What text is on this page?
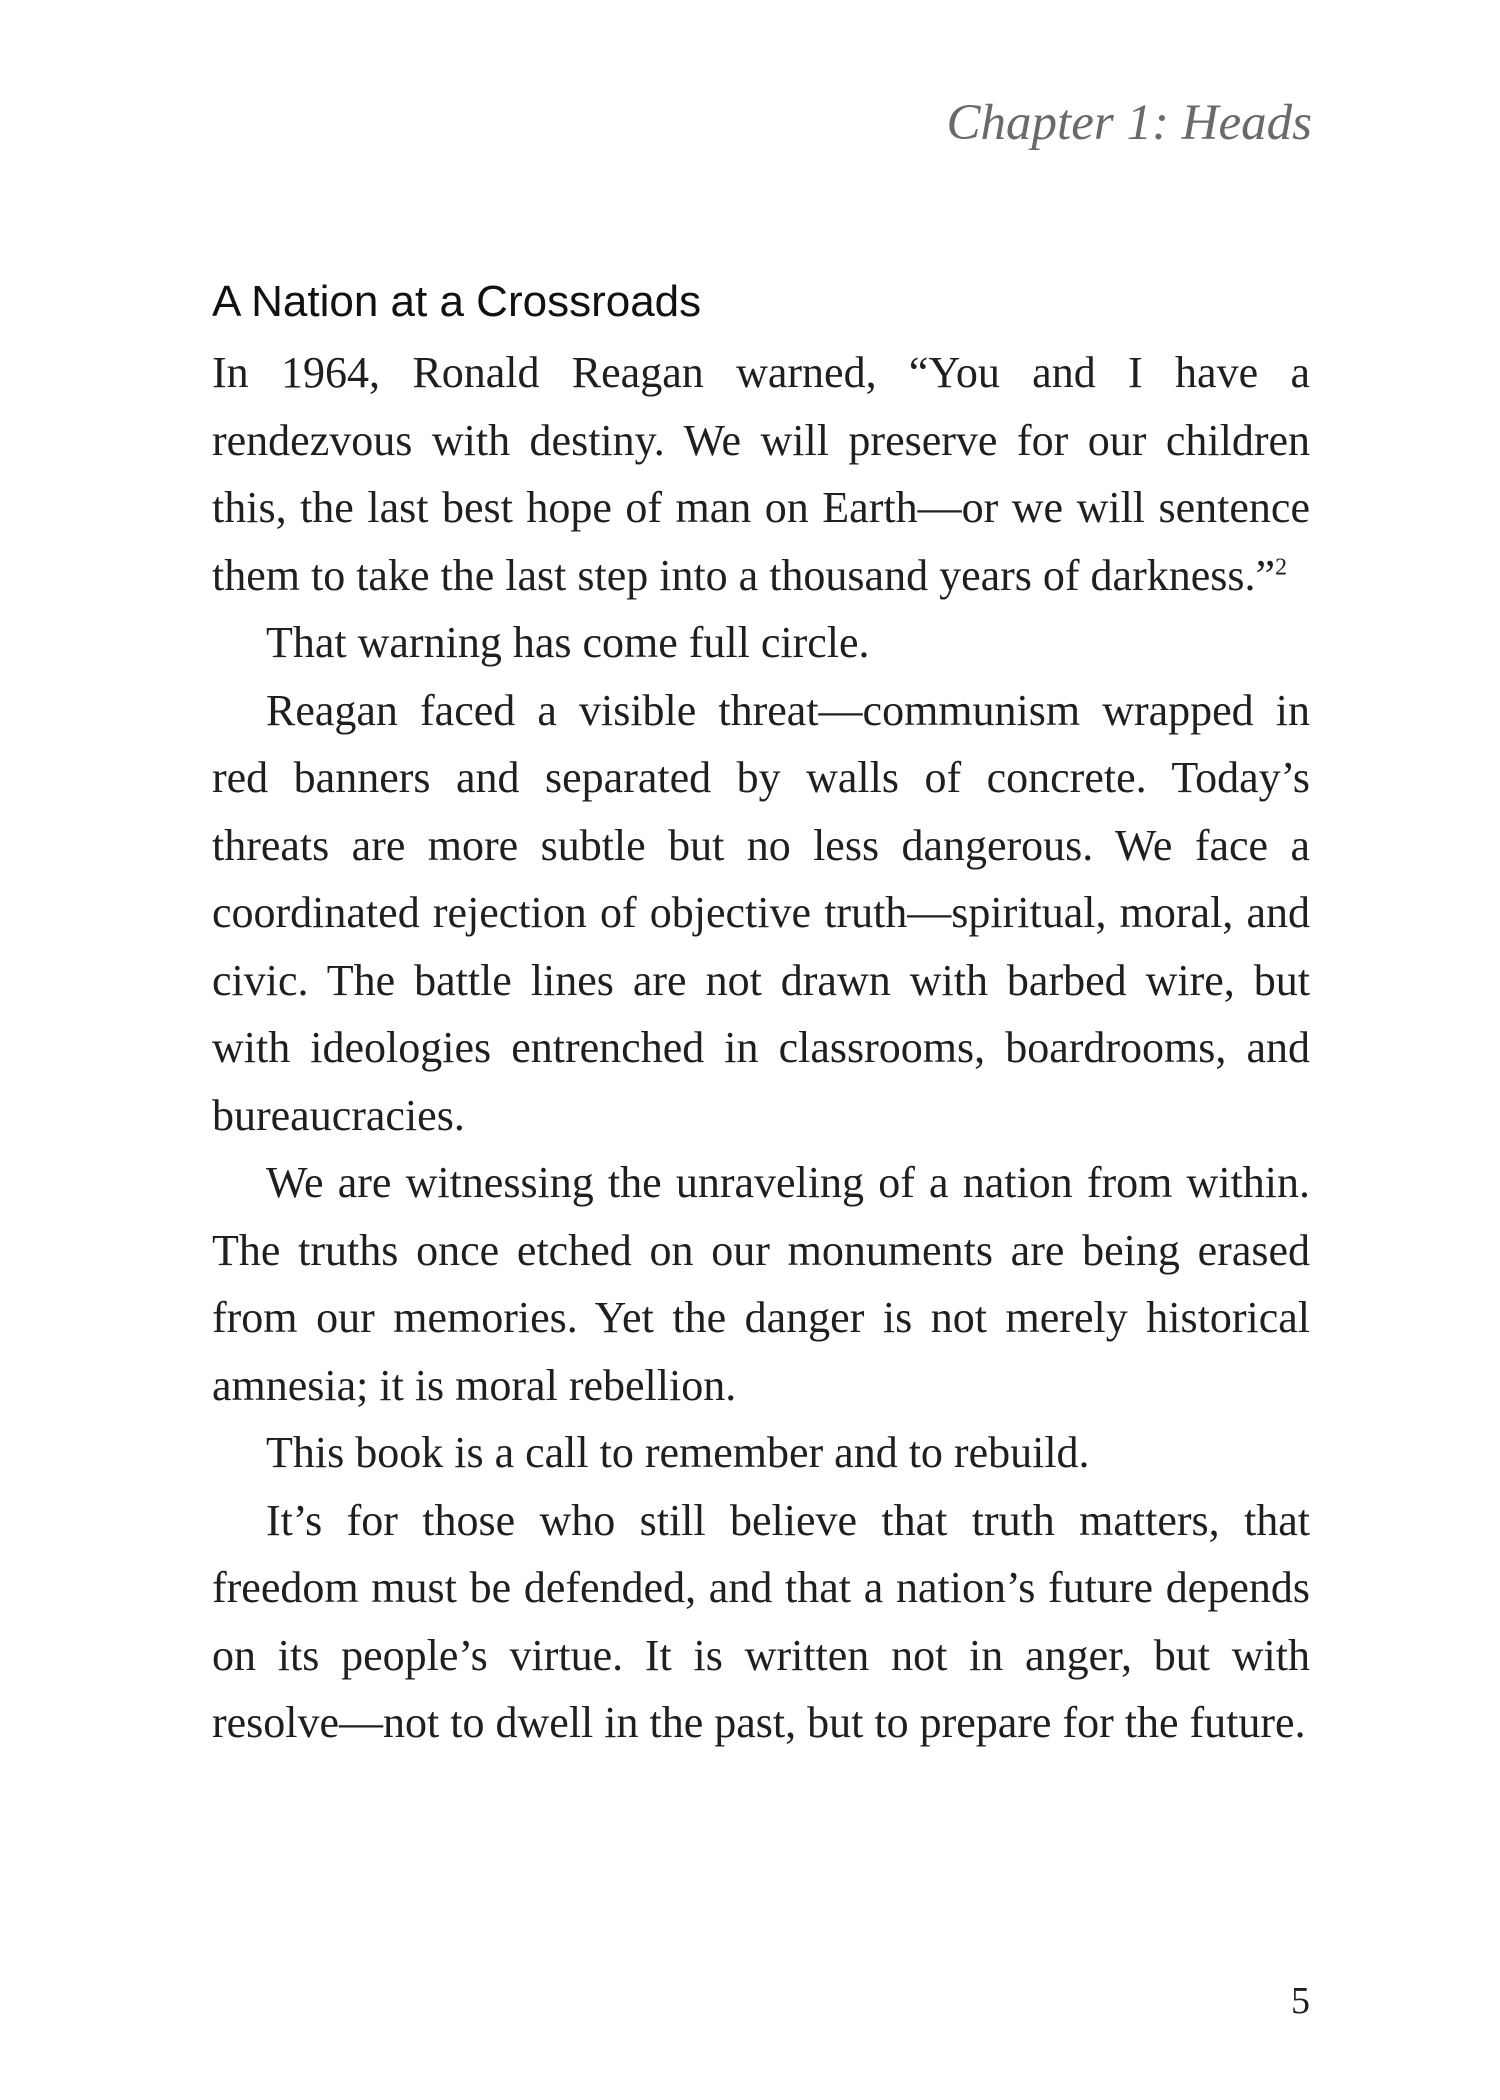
Chapter 1: Heads

A Nation at a Crossroads

In 1964, Ronald Reagan warned, “You and I have a rendezvous with destiny. We will preserve for our children this, the last best hope of man on Earth—or we will sentence them to take the last step into a thousand years of darkness.”$^2$

That warning has come full circle.

Reagan faced a visible threat—communism wrapped in red banners and separated by walls of concrete. Today’s threats are more subtle but no less dangerous. We face a coordinated rejection of objective truth—spiritual, moral, and civic. The battle lines are not drawn with barbed wire, but with ideologies entrenched in classrooms, boardrooms, and bureaucracies.

We are witnessing the unraveling of a nation from within. The truths once etched on our monuments are being erased from our memories. Yet the danger is not merely historical amnesia; it is moral rebellion.

This book is a call to remember and to rebuild.

It’s for those who still believe that truth matters, that freedom must be defended, and that a nation’s future depends on its people’s virtue. It is written not in anger, but with resolve—not to dwell in the past, but to prepare for the future.

5
